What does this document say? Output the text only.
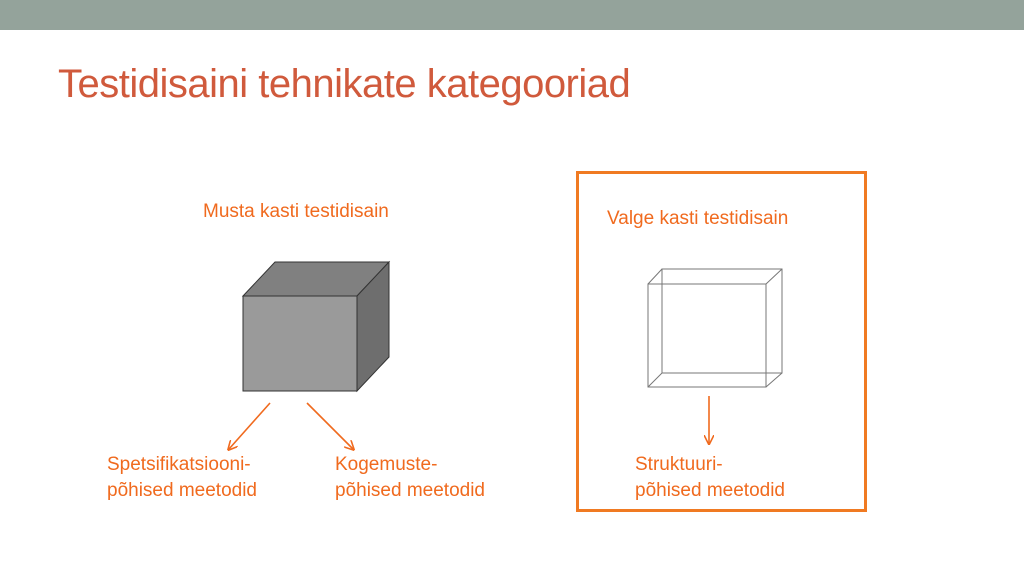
Testidisaini tehnikate kategooriad
Musta kasti testidisain	Valge kasti testidisain
Spetsifikatsiooni-
põhised meetodid
Kogemuste-
põhised meetodid
Struktuuri-
põhised meetodid
